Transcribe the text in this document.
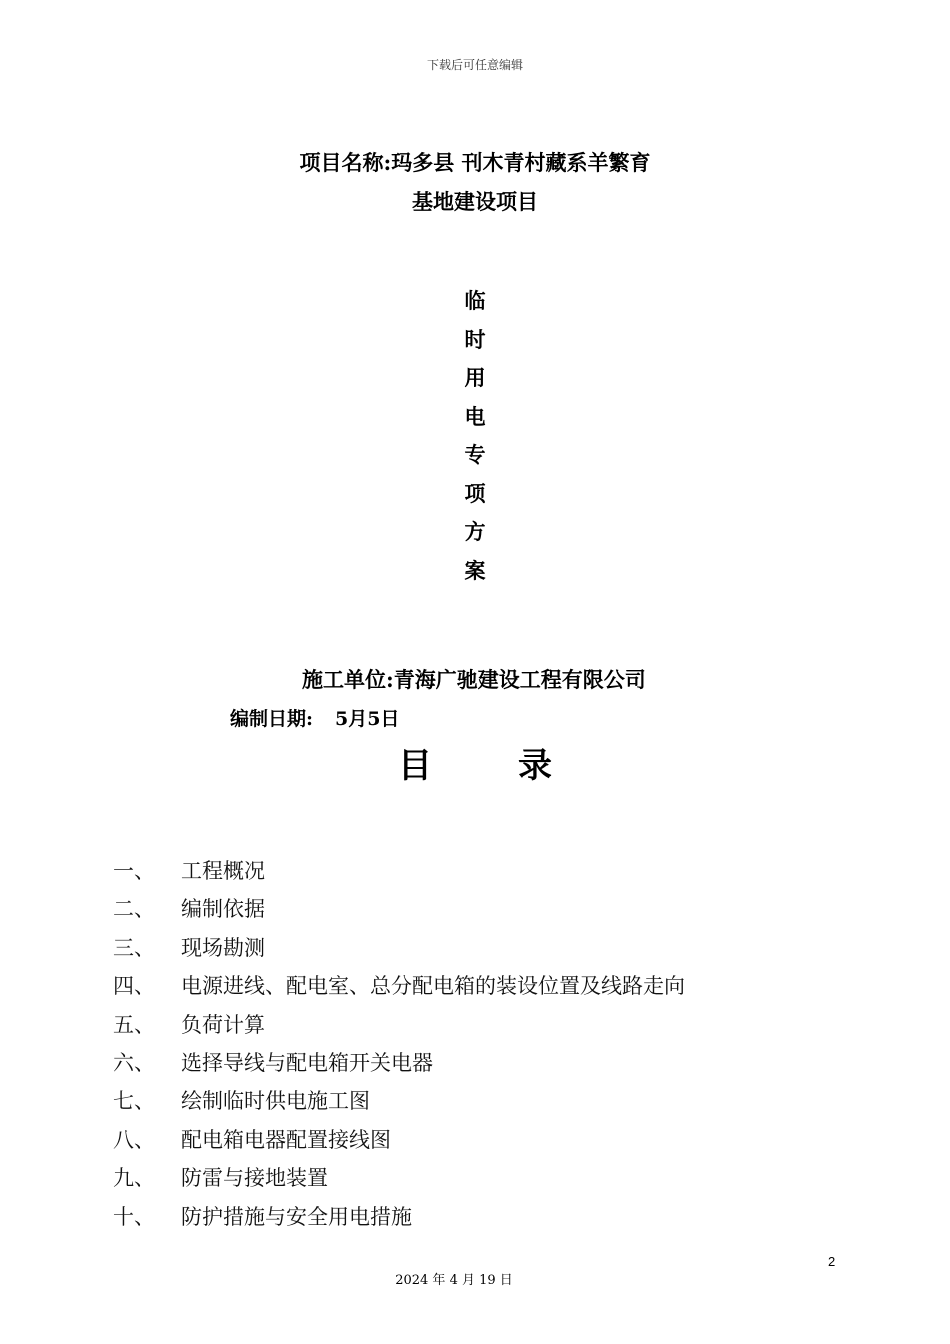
下载后可任意编辑
项目名称:玛多县 刊木青村藏系羊繁育
基地建设项目
临
时
用
电
专
项
方
案
施工单位:青海广驰建设工程有限公司
编制日期: 5月5日
目 录
一、 工程概况
二、 编制依据
三、 现场勘测
四、 电源进线、配电室、总分配电箱的装设位置及线路走向
五、 负荷计算
六、 选择导线与配电箱开关电器
七、 绘制临时供电施工图
八、 配电箱电器配置接线图
九、 防雷与接地装置
十、 防护措施与安全用电措施
2
2024 年 4 月 19 日
